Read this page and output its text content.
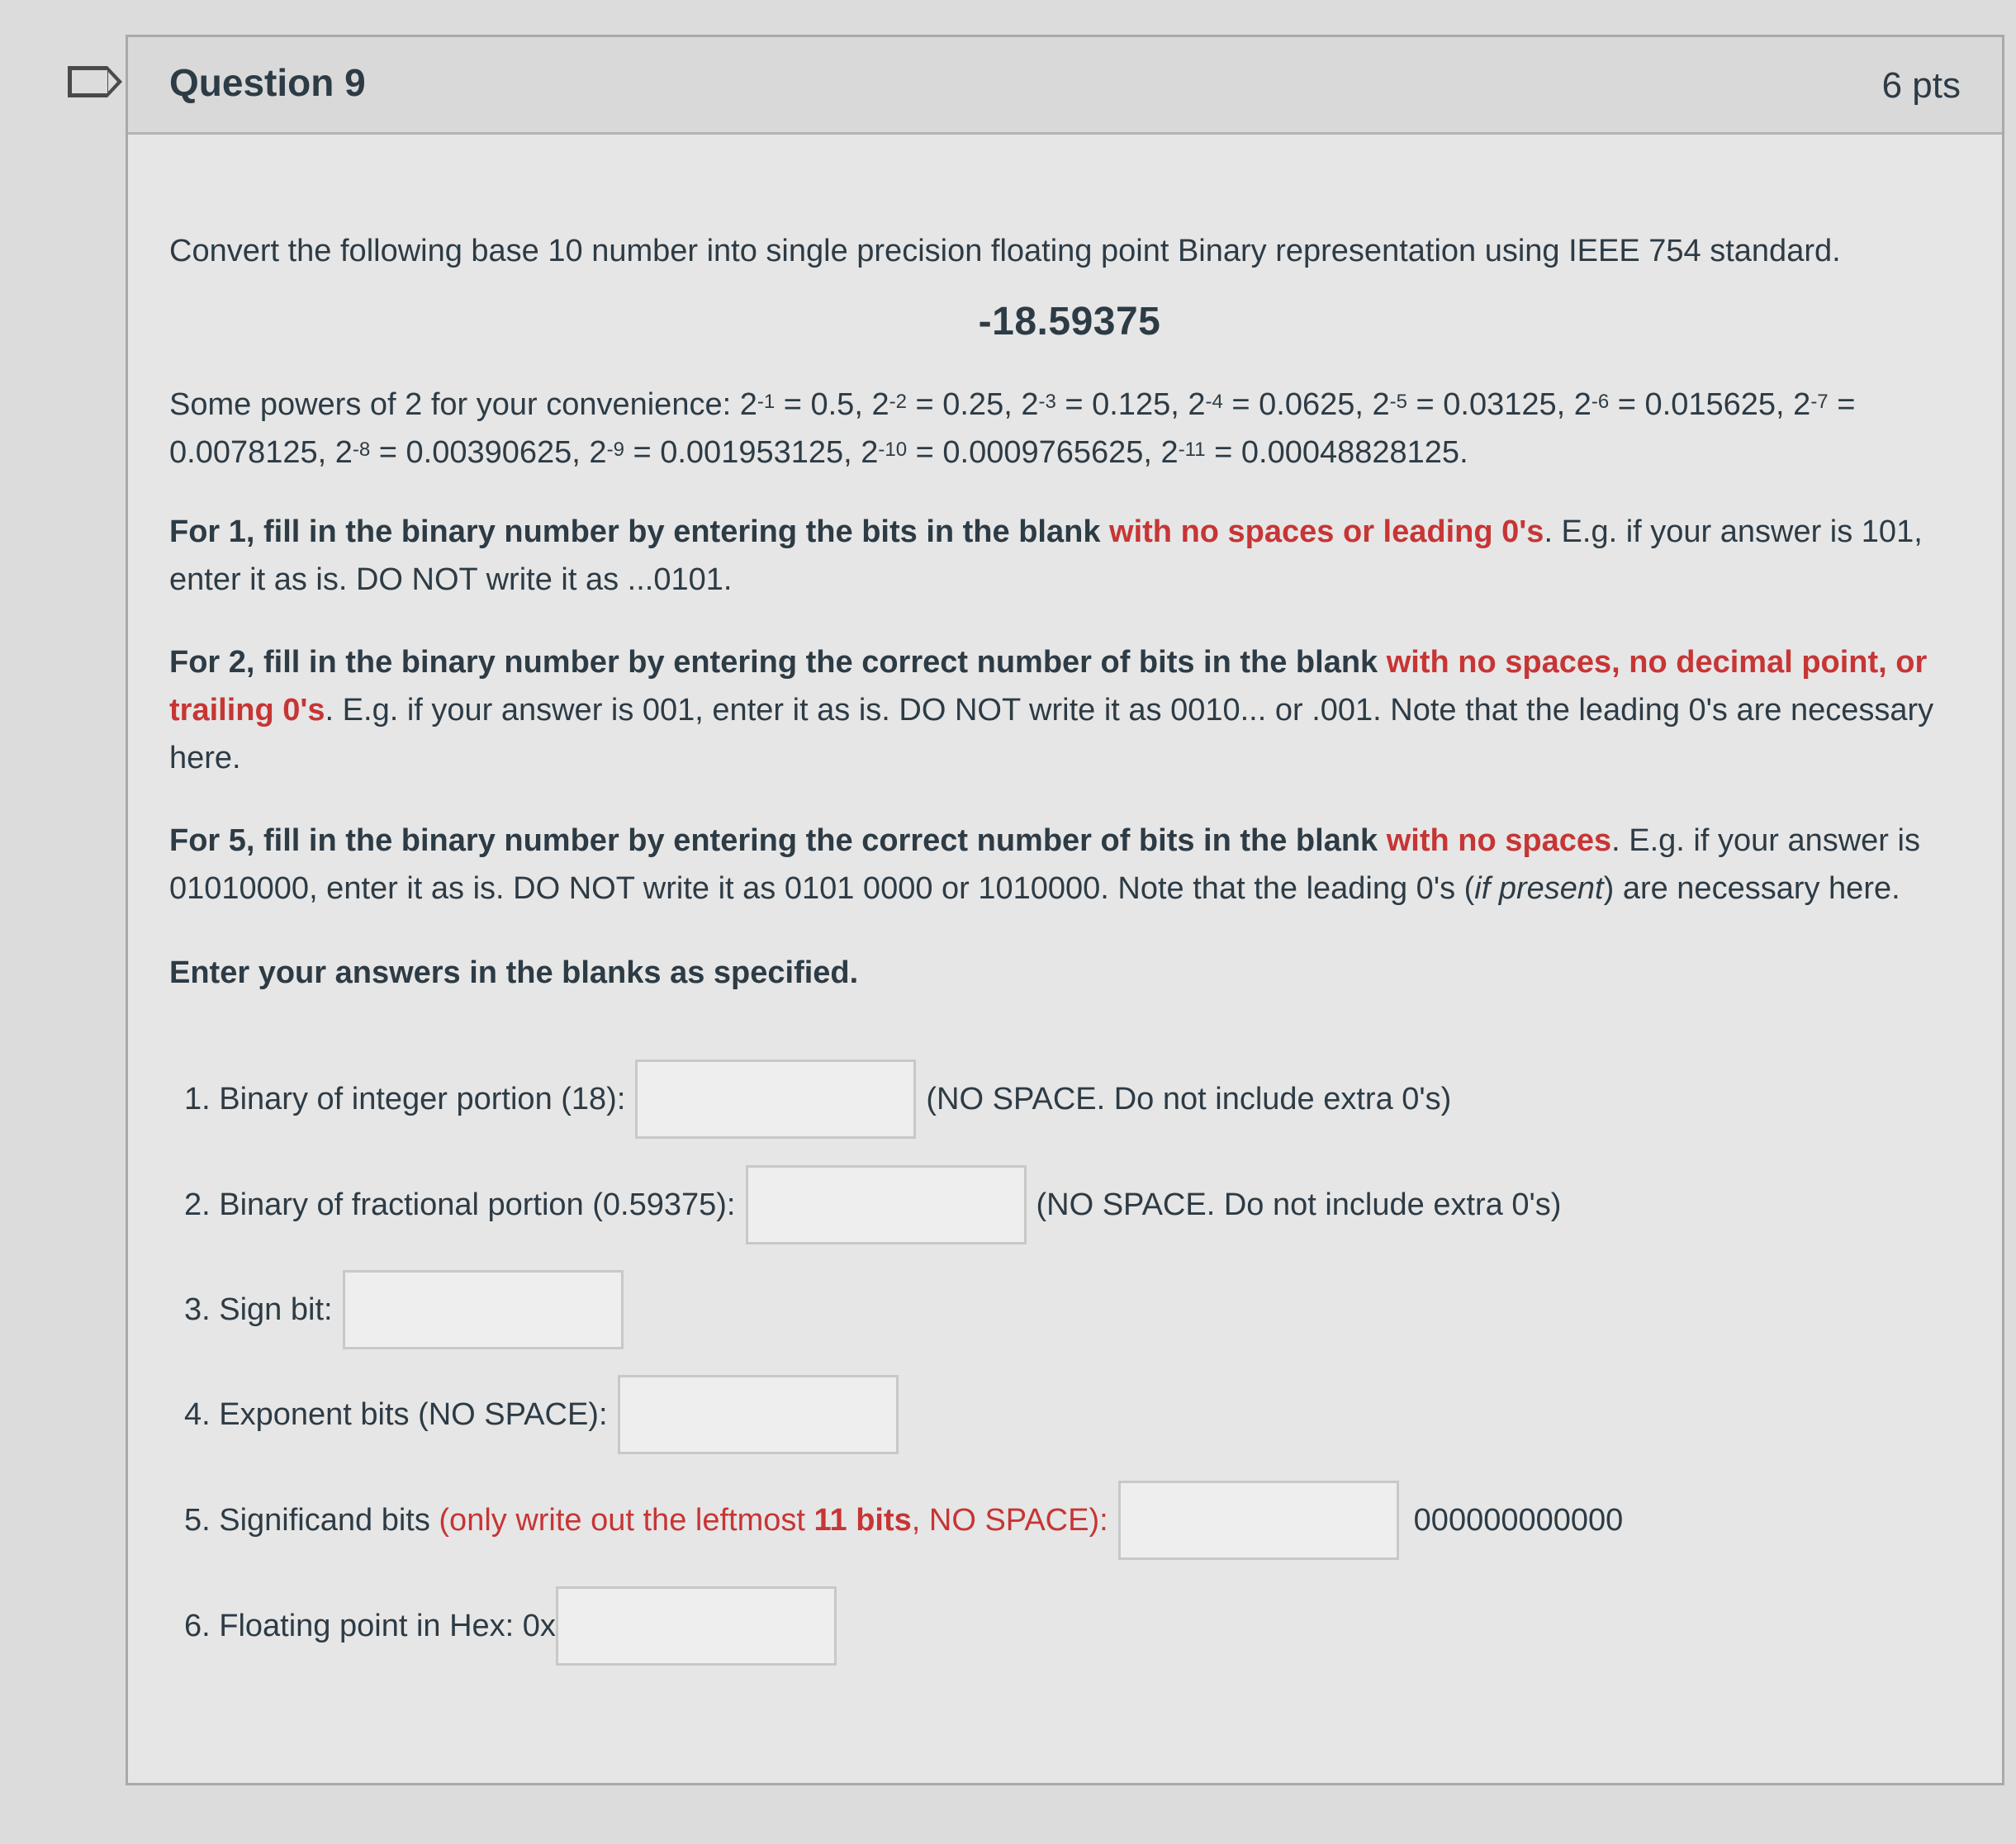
Question 9	6 pts

Convert the following base 10 number into single precision floating point Binary representation using IEEE 754 standard.

-18.59375

Some powers of 2 for your convenience: $2^{-1} = 0.5$, $2^{-2} = 0.25$, $2^{-3} = 0.125$, $2^{-4} = 0.0625$, $2^{-5} = 0.03125$, $2^{-6} = 0.015625$, $2^{-7} = 0.0078125$, $2^{-8} = 0.00390625$, $2^{-9} = 0.001953125$, $2^{-10} = 0.0009765625$, $2^{-11} = 0.00048828125$.

For 1, fill in the binary number by entering the bits in the blank with no spaces or leading 0's. E.g. if your answer is 101, enter it as is. DO NOT write it as ...0101.

For 2, fill in the binary number by entering the correct number of bits in the blank with no spaces, no decimal point, or trailing 0's. E.g. if your answer is 001, enter it as is. DO NOT write it as 0010... or .001. Note that the leading 0's are necessary here.

For 5, fill in the binary number by entering the correct number of bits in the blank with no spaces. E.g. if your answer is 01010000, enter it as is. DO NOT write it as 0101 0000 or 1010000. Note that the leading 0's (if present) are necessary here.

Enter your answers in the blanks as specified.

1. Binary of integer portion (18):	(NO SPACE. Do not include extra 0's)
2. Binary of fractional portion (0.59375):	(NO SPACE. Do not include extra 0's)
3. Sign bit:
4. Exponent bits (NO SPACE):
5. Significand bits (only write out the leftmost 11 bits, NO SPACE):	000000000000
6. Floating point in Hex: 0x
